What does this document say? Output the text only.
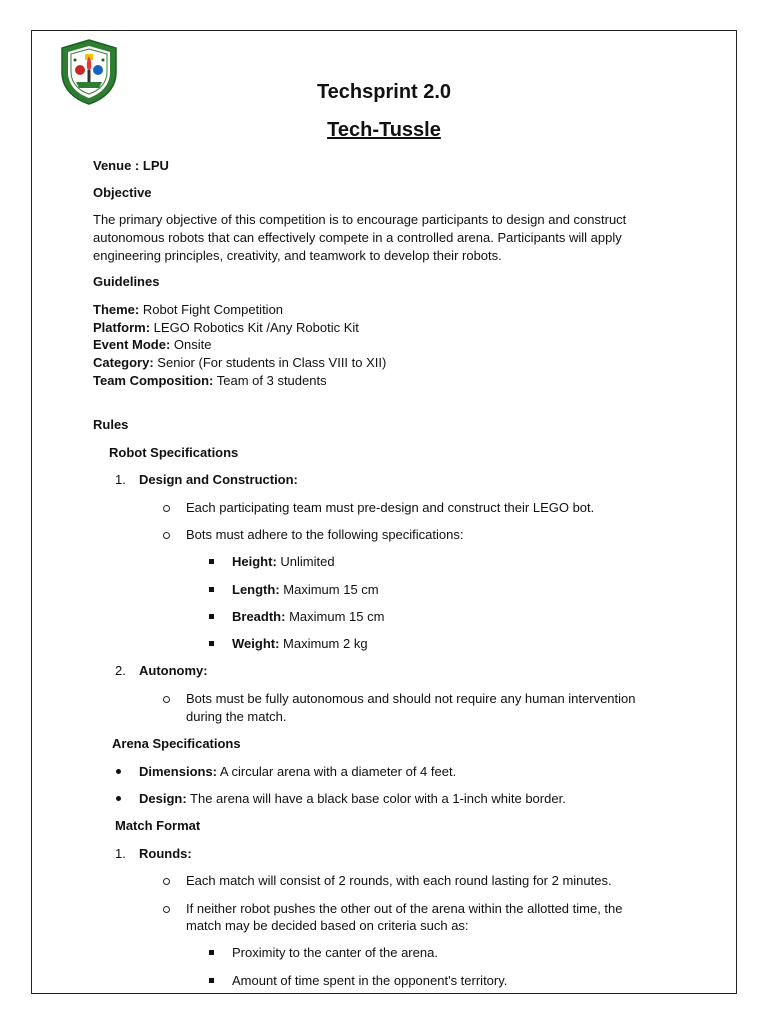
Techsprint 2.0
Tech-Tussle
Venue : LPU
Objective
The primary objective of this competition is to encourage participants to design and construct autonomous robots that can effectively compete in a controlled arena. Participants will apply engineering principles, creativity, and teamwork to develop their robots.
Guidelines
Theme: Robot Fight Competition
Platform: LEGO Robotics Kit /Any Robotic Kit
Event Mode: Onsite
Category: Senior (For students in Class VIII to XII)
Team Composition: Team of 3 students
Rules
Robot Specifications
1. Design and Construction:
Each participating team must pre-design and construct their LEGO bot.
Bots must adhere to the following specifications:
Height: Unlimited
Length: Maximum 15 cm
Breadth: Maximum 15 cm
Weight: Maximum 2 kg
2. Autonomy:
Bots must be fully autonomous and should not require any human intervention
during the match.
Arena Specifications
Dimensions: A circular arena with a diameter of 4 feet.
Design: The arena will have a black base color with a 1-inch white border.
Match Format
1. Rounds:
Each match will consist of 2 rounds, with each round lasting for 2 minutes.
If neither robot pushes the other out of the arena within the allotted time, the
match may be decided based on criteria such as:
Proximity to the canter of the arena.
Amount of time spent in the opponent's territory.
